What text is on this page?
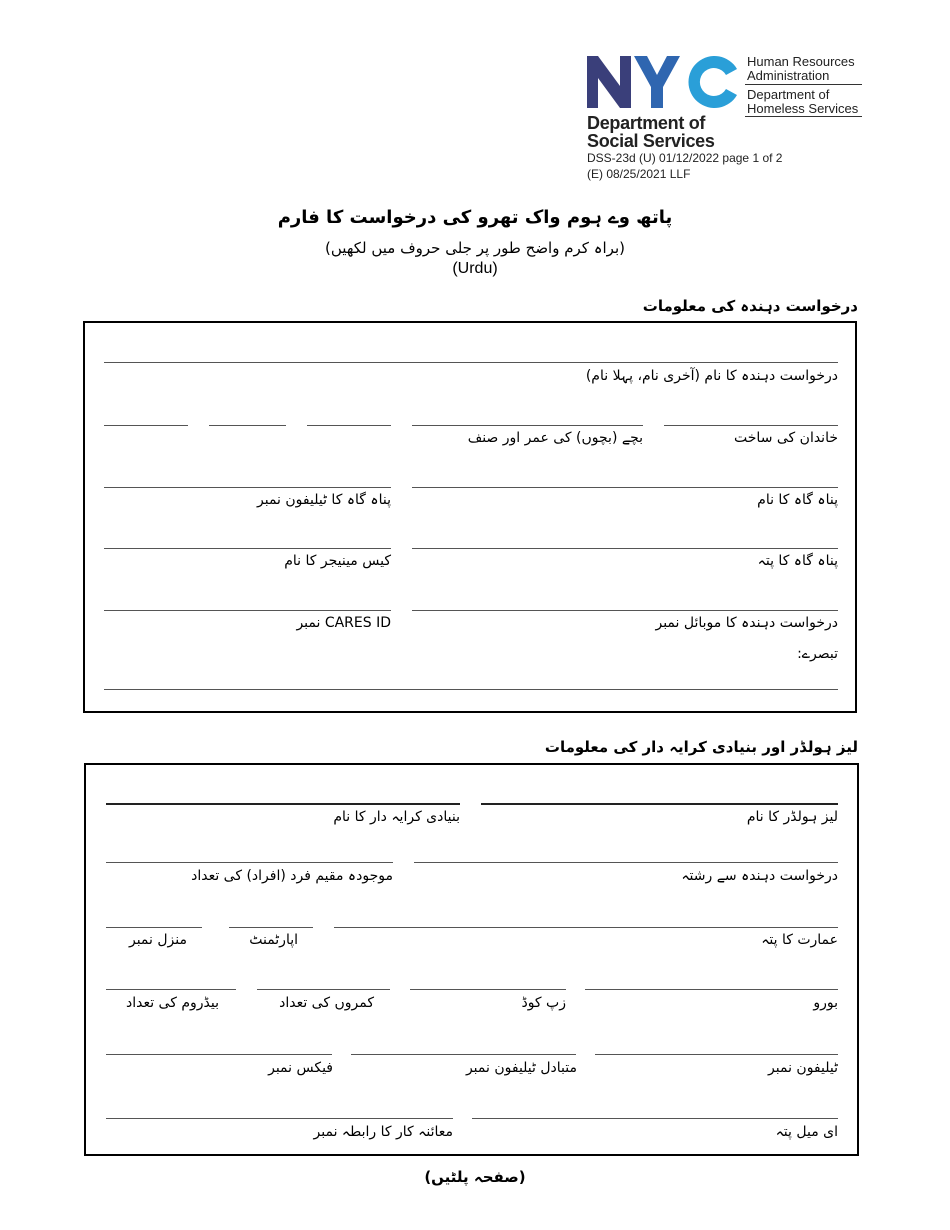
Human Resources
Administration
Department of
Homeless Services
Department of
Social Services
DSS-23d (U) 01/12/2022 page 1 of 2
(E) 08/25/2021 LLF
پاتھ وے ہوم واک تھرو کی درخواست کا فارم
(براہ کرم واضح طور پر جلی حروف میں لکھیں)
(Urdu)
درخواست دہندہ کی معلومات
درخواست دہندہ کا نام (آخری نام، پہلا نام)
خاندان کی ساخت
بچے (بچوں) کی عمر اور صنف
پناہ گاہ کا نام
پناہ گاہ کا ٹیلیفون نمبر
پناہ گاہ کا پتہ
کیس مینیجر کا نام
درخواست دہندہ کا موبائل نمبر
CARES ID نمبر
تبصرے:
لیز ہولڈر اور بنیادی کرایہ دار کی معلومات
لیز ہولڈر کا نام
بنیادی کرایہ دار کا نام
درخواست دہندہ سے رشتہ
موجودہ مقیم فرد (افراد) کی تعداد
عمارت کا پتہ
اپارٹمنٹ
منزل نمبر
بورو
زپ کوڈ
کمروں کی تعداد
بیڈروم کی تعداد
ٹیلیفون نمبر
متبادل ٹیلیفون نمبر
فیکس نمبر
ای میل پتہ
معائنہ کار کا رابطہ نمبر
(صفحہ پلٹیں)
